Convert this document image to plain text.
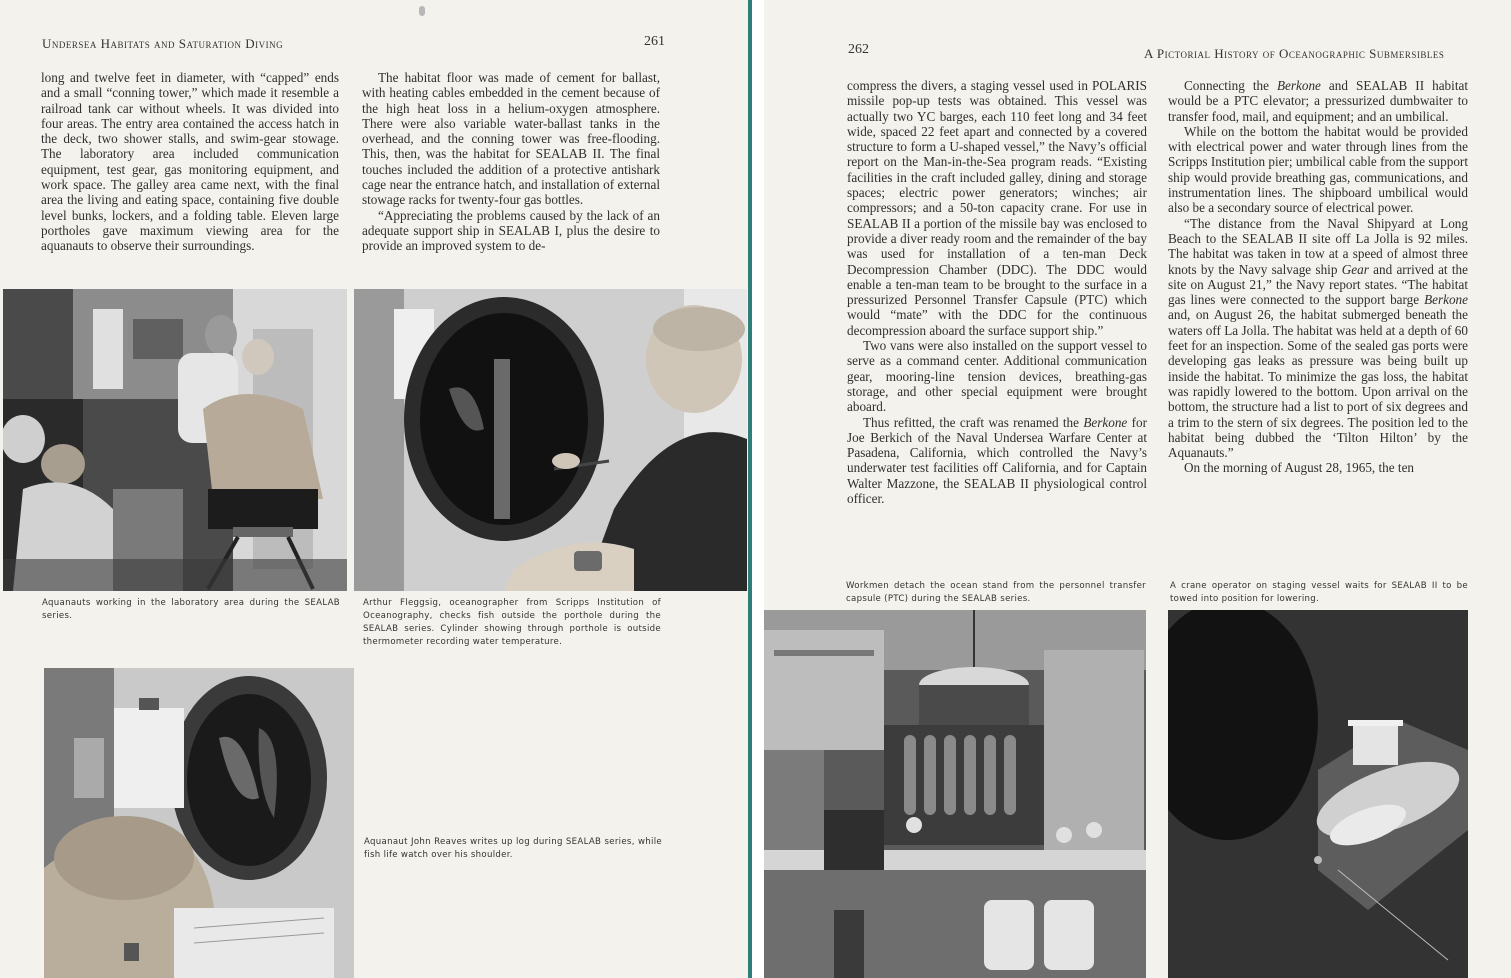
Undersea Habitats and Saturation Diving	261

long and twelve feet in diameter, with “capped” ends and a small “conning tower,” which made it resemble a railroad tank car without wheels. It was divided into four areas. The entry area contained the access hatch in the deck, two shower stalls, and swim-gear stowage. The laboratory area included communication equipment, test gear, gas monitoring equipment, and work space. The galley area came next, with the final area the living and eating space, containing five double level bunks, lockers, and a folding table. Eleven large portholes gave maximum viewing area for the aquanauts to observe their surroundings.

The habitat floor was made of cement for ballast, with heating cables embedded in the cement because of the high heat loss in a helium-oxygen atmosphere. There were also variable water-ballast tanks in the overhead, and the conning tower was free-flooding. This, then, was the habitat for SEALAB II. The final touches included the addition of a protective antishark cage near the entrance hatch, and installation of external stowage racks for twenty-four gas bottles.

“Appreciating the problems caused by the lack of an adequate support ship in SEALAB I, plus the desire to provide an improved system to de-

Aquanauts working in the laboratory area during the SEALAB series.
Arthur Fleggsig, oceanographer from Scripps Institution of Oceanography, checks fish outside the porthole during the SEALAB series. Cylinder showing through porthole is outside thermometer recording water temperature.
Aquanaut John Reaves writes up log during SEALAB series, while fish life watch over his shoulder.
262	A Pictorial History of Oceanographic Submersibles

compress the divers, a staging vessel used in POLARIS missile pop-up tests was obtained. This vessel was actually two YC barges, each 110 feet long and 34 feet wide, spaced 22 feet apart and connected by a covered structure to form a U-shaped vessel,” the Navy’s official report on the Man-in-the-Sea program reads. “Existing facilities in the craft included galley, dining and storage spaces; electric power generators; winches; air compressors; and a 50-ton capacity crane. For use in SEALAB II a portion of the missile bay was enclosed to provide a diver ready room and the remainder of the bay was used for installation of a ten-man Deck Decompression Chamber (DDC). The DDC would enable a ten-man team to be brought to the surface in a pressurized Personnel Transfer Capsule (PTC) which would “mate” with the DDC for the continuous decompression aboard the surface support ship.”

Two vans were also installed on the support vessel to serve as a command center. Additional communication gear, mooring-line tension devices, breathing-gas storage, and other special equipment were brought aboard.

Thus refitted, the craft was renamed the Berkone for Joe Berkich of the Naval Undersea Warfare Center at Pasadena, California, which controlled the Navy’s underwater test facilities off California, and for Captain Walter Mazzone, the SEALAB II physiological control officer.

Connecting the Berkone and SEALAB II habitat would be a PTC elevator; a pressurized dumbwaiter to transfer food, mail, and equipment; and an umbilical.

While on the bottom the habitat would be provided with electrical power and water through lines from the Scripps Institution pier; umbilical cable from the support ship would provide breathing gas, communications, and instrumentation lines. The shipboard umbilical would also be a secondary source of electrical power.

“The distance from the Naval Shipyard at Long Beach to the SEALAB II site off La Jolla is 92 miles. The habitat was taken in tow at a speed of almost three knots by the Navy salvage ship Gear and arrived at the site on August 21,” the Navy report states. “The habitat gas lines were connected to the support barge Berkone and, on August 26, the habitat submerged beneath the waters off La Jolla. The habitat was held at a depth of 60 feet for an inspection. Some of the sealed gas ports were developing gas leaks as pressure was being built up inside the habitat. To minimize the gas loss, the habitat was rapidly lowered to the bottom. Upon arrival on the bottom, the structure had a list to port of six degrees and a trim to the stern of six degrees. The position led to the habitat being dubbed the ‘Tilton Hilton’ by the Aquanauts.”

On the morning of August 28, 1965, the ten

Workmen detach the ocean stand from the personnel transfer capsule (PTC) during the SEALAB series.
A crane operator on staging vessel waits for SEALAB II to be towed into position for lowering.
